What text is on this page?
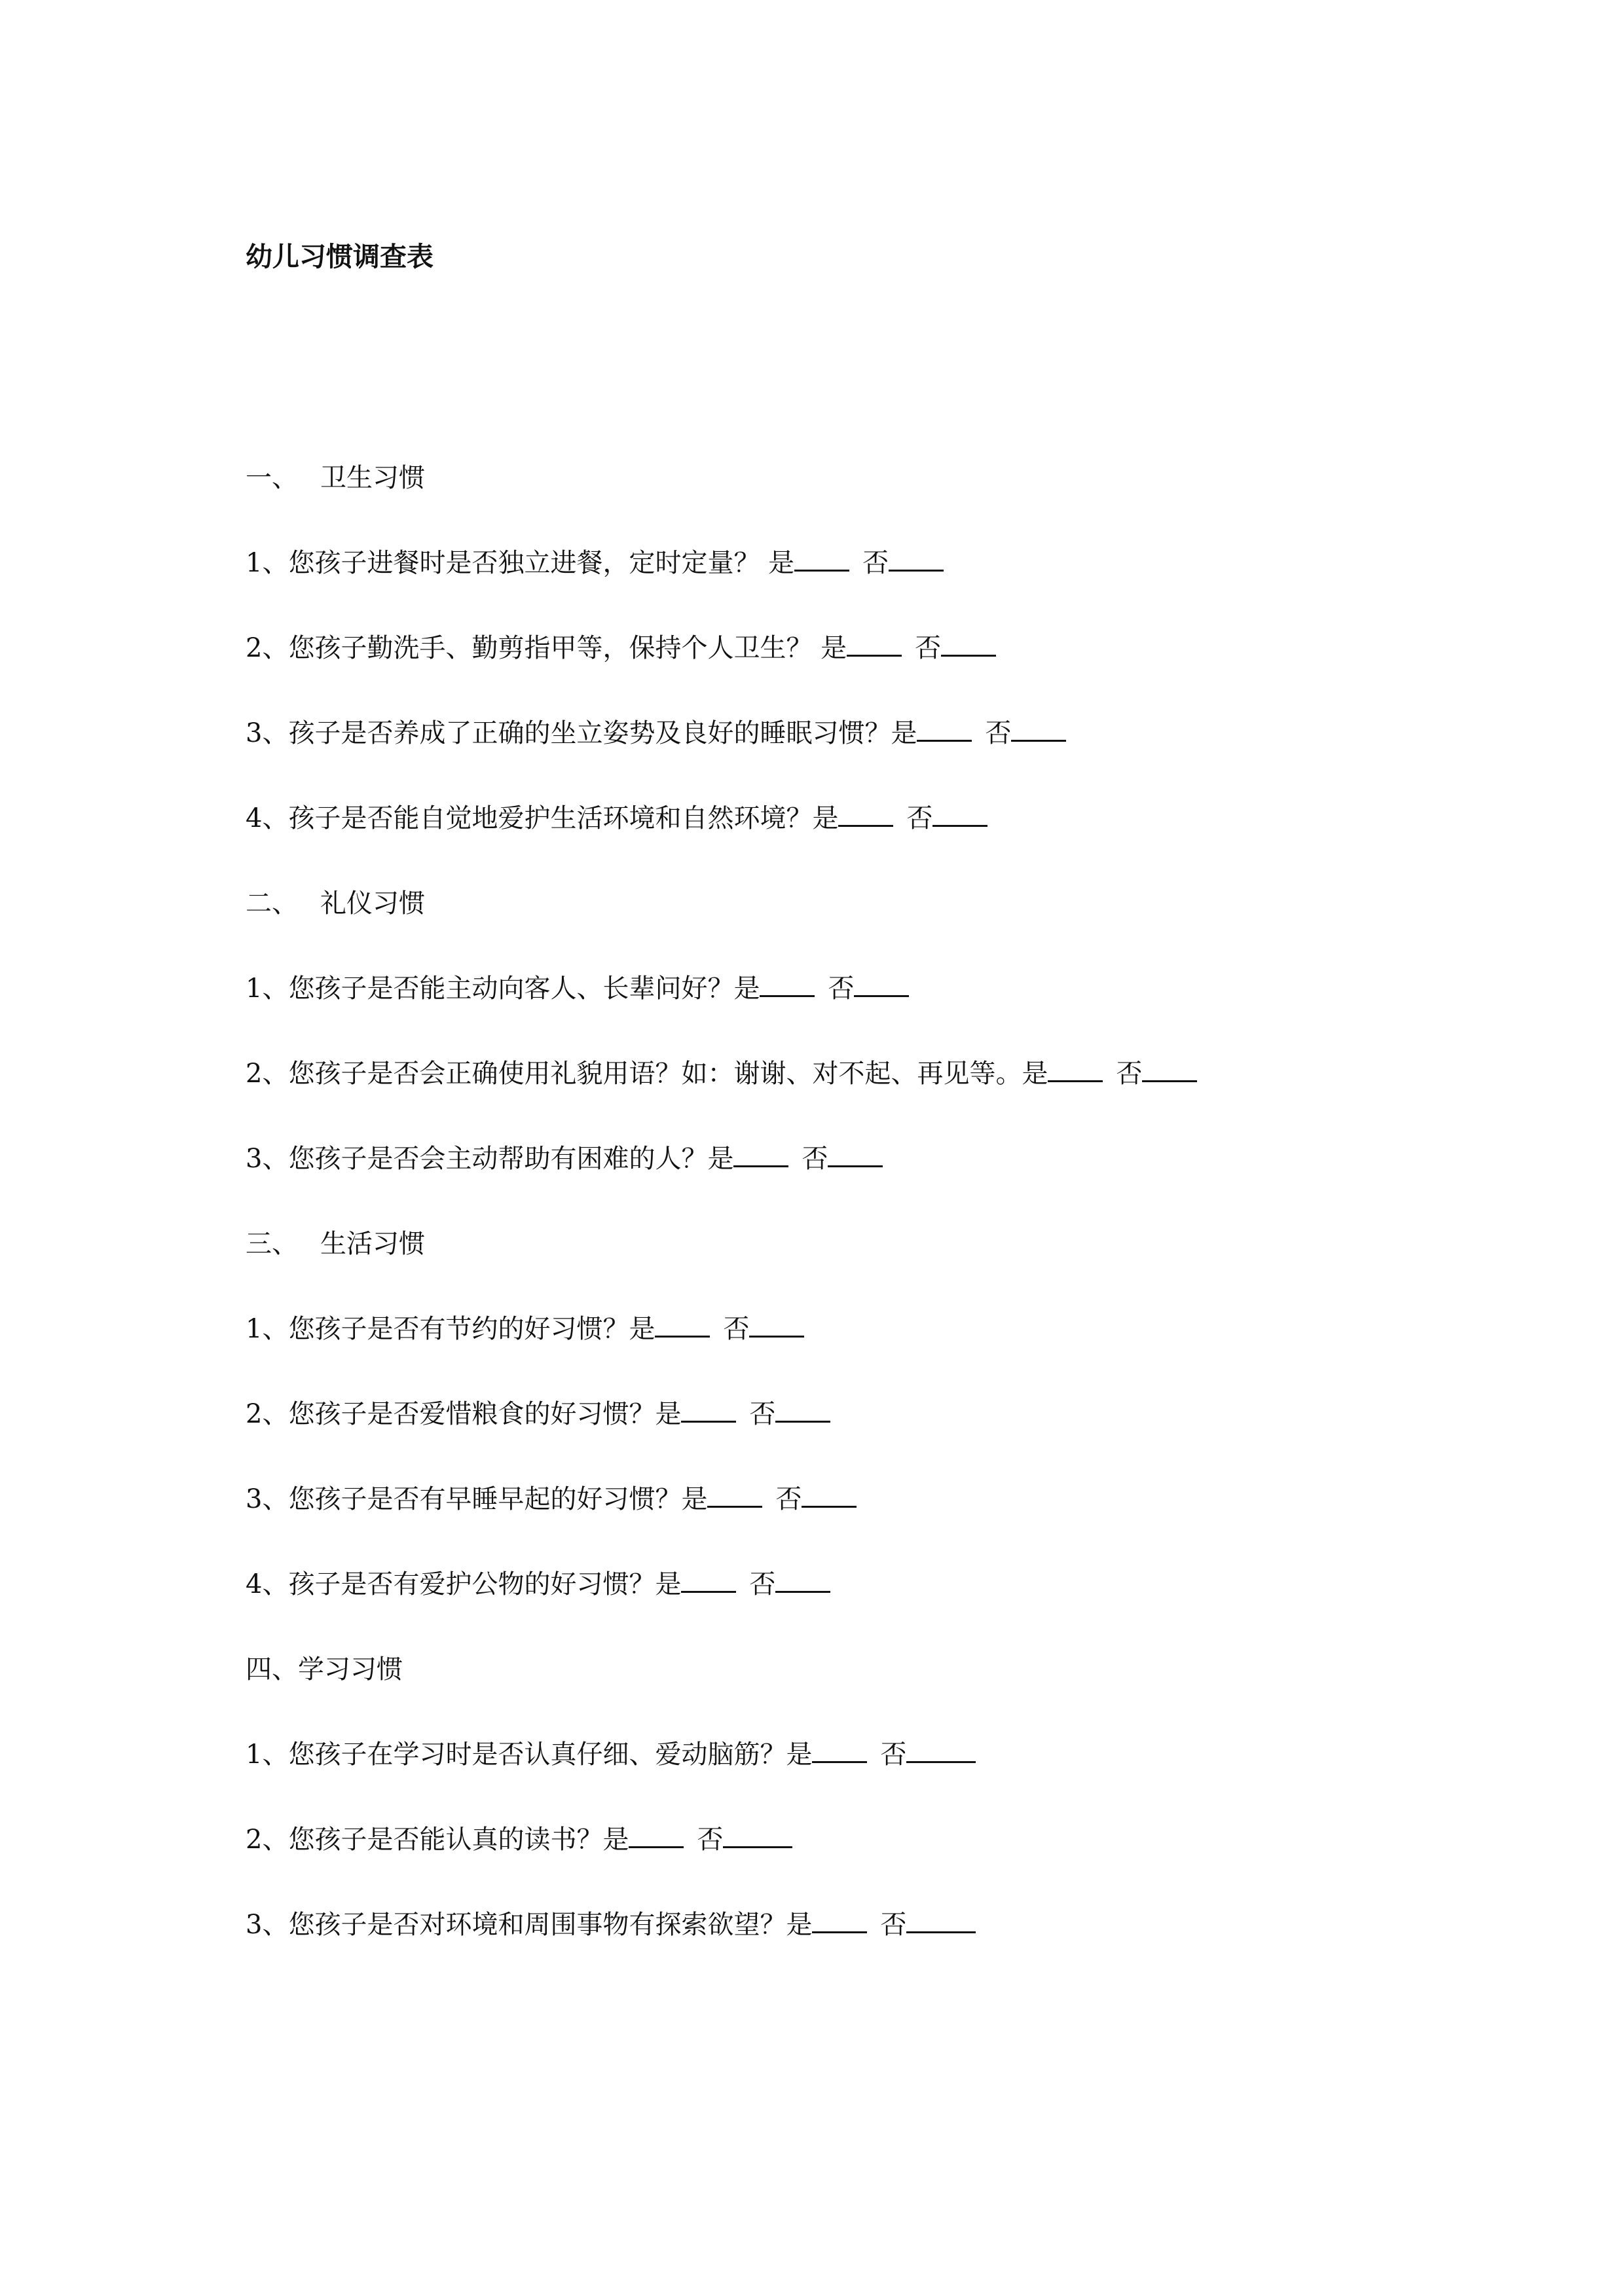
幼儿习惯调查表
一、 卫生习惯
1、您孩子进餐时是否独立进餐，定时定量？ 是	否
2、您孩子勤洗手、勤剪指甲等，保持个人卫生？ 是	否
3、孩子是否养成了正确的坐立姿势及良好的睡眠习惯？是	否
4、孩子是否能自觉地爱护生活环境和自然环境？是	否
二、 礼仪习惯
1、您孩子是否能主动向客人、长辈问好？是	否
2、您孩子是否会正确使用礼貌用语？如：谢谢、对不起、再见等。是	否
3、您孩子是否会主动帮助有困难的人？是	否
三、 生活习惯
1、您孩子是否有节约的好习惯？是	否
2、您孩子是否爱惜粮食的好习惯？是	否
3、您孩子是否有早睡早起的好习惯？是	否
4、孩子是否有爱护公物的好习惯？是	否
四、学习习惯
1、您孩子在学习时是否认真仔细、爱动脑筋？是	否
2、您孩子是否能认真的读书？是	否
3、您孩子是否对环境和周围事物有探索欲望？是	否
